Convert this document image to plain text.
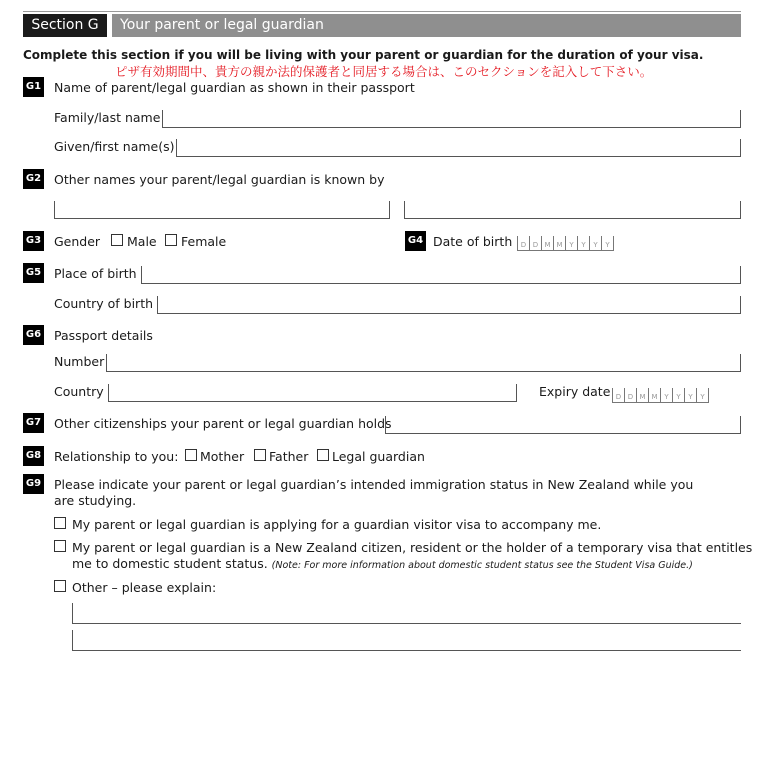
Section G	Your parent or legal guardian
Complete this section if you will be living with your parent or guardian for the duration of your visa.
ピザ有効期間中、貴方の親か法的保護者と同居する場合は、このセクションを記入して下さい。
G1 Name of parent/legal guardian as shown in their passport
Family/last name
Given/first name(s)
G2 Other names your parent/legal guardian is known by
G3 Gender Male Female	G4 Date of birth	D D M M Y	Y	Y	Y
G5 Place of birth
Country of birth
G6 Passport details
Number
Country	Expiry date D D M M Y	Y	Y	Y
G7 Other citizenships your parent or legal guardian holds
G8 Relationship to you: Mother Father Legal guardian
G9 Please indicate your parent or legal guardian’s intended immigration status in New Zealand while you
are studying.
My parent or legal guardian is applying for a guardian visitor visa to accompany me.
My parent or legal guardian is a New Zealand citizen, resident or the holder of a temporary visa that entitles
me to domestic student status. (Note: For more information about domestic student status see the Student Visa Guide.)
Other – please explain:
